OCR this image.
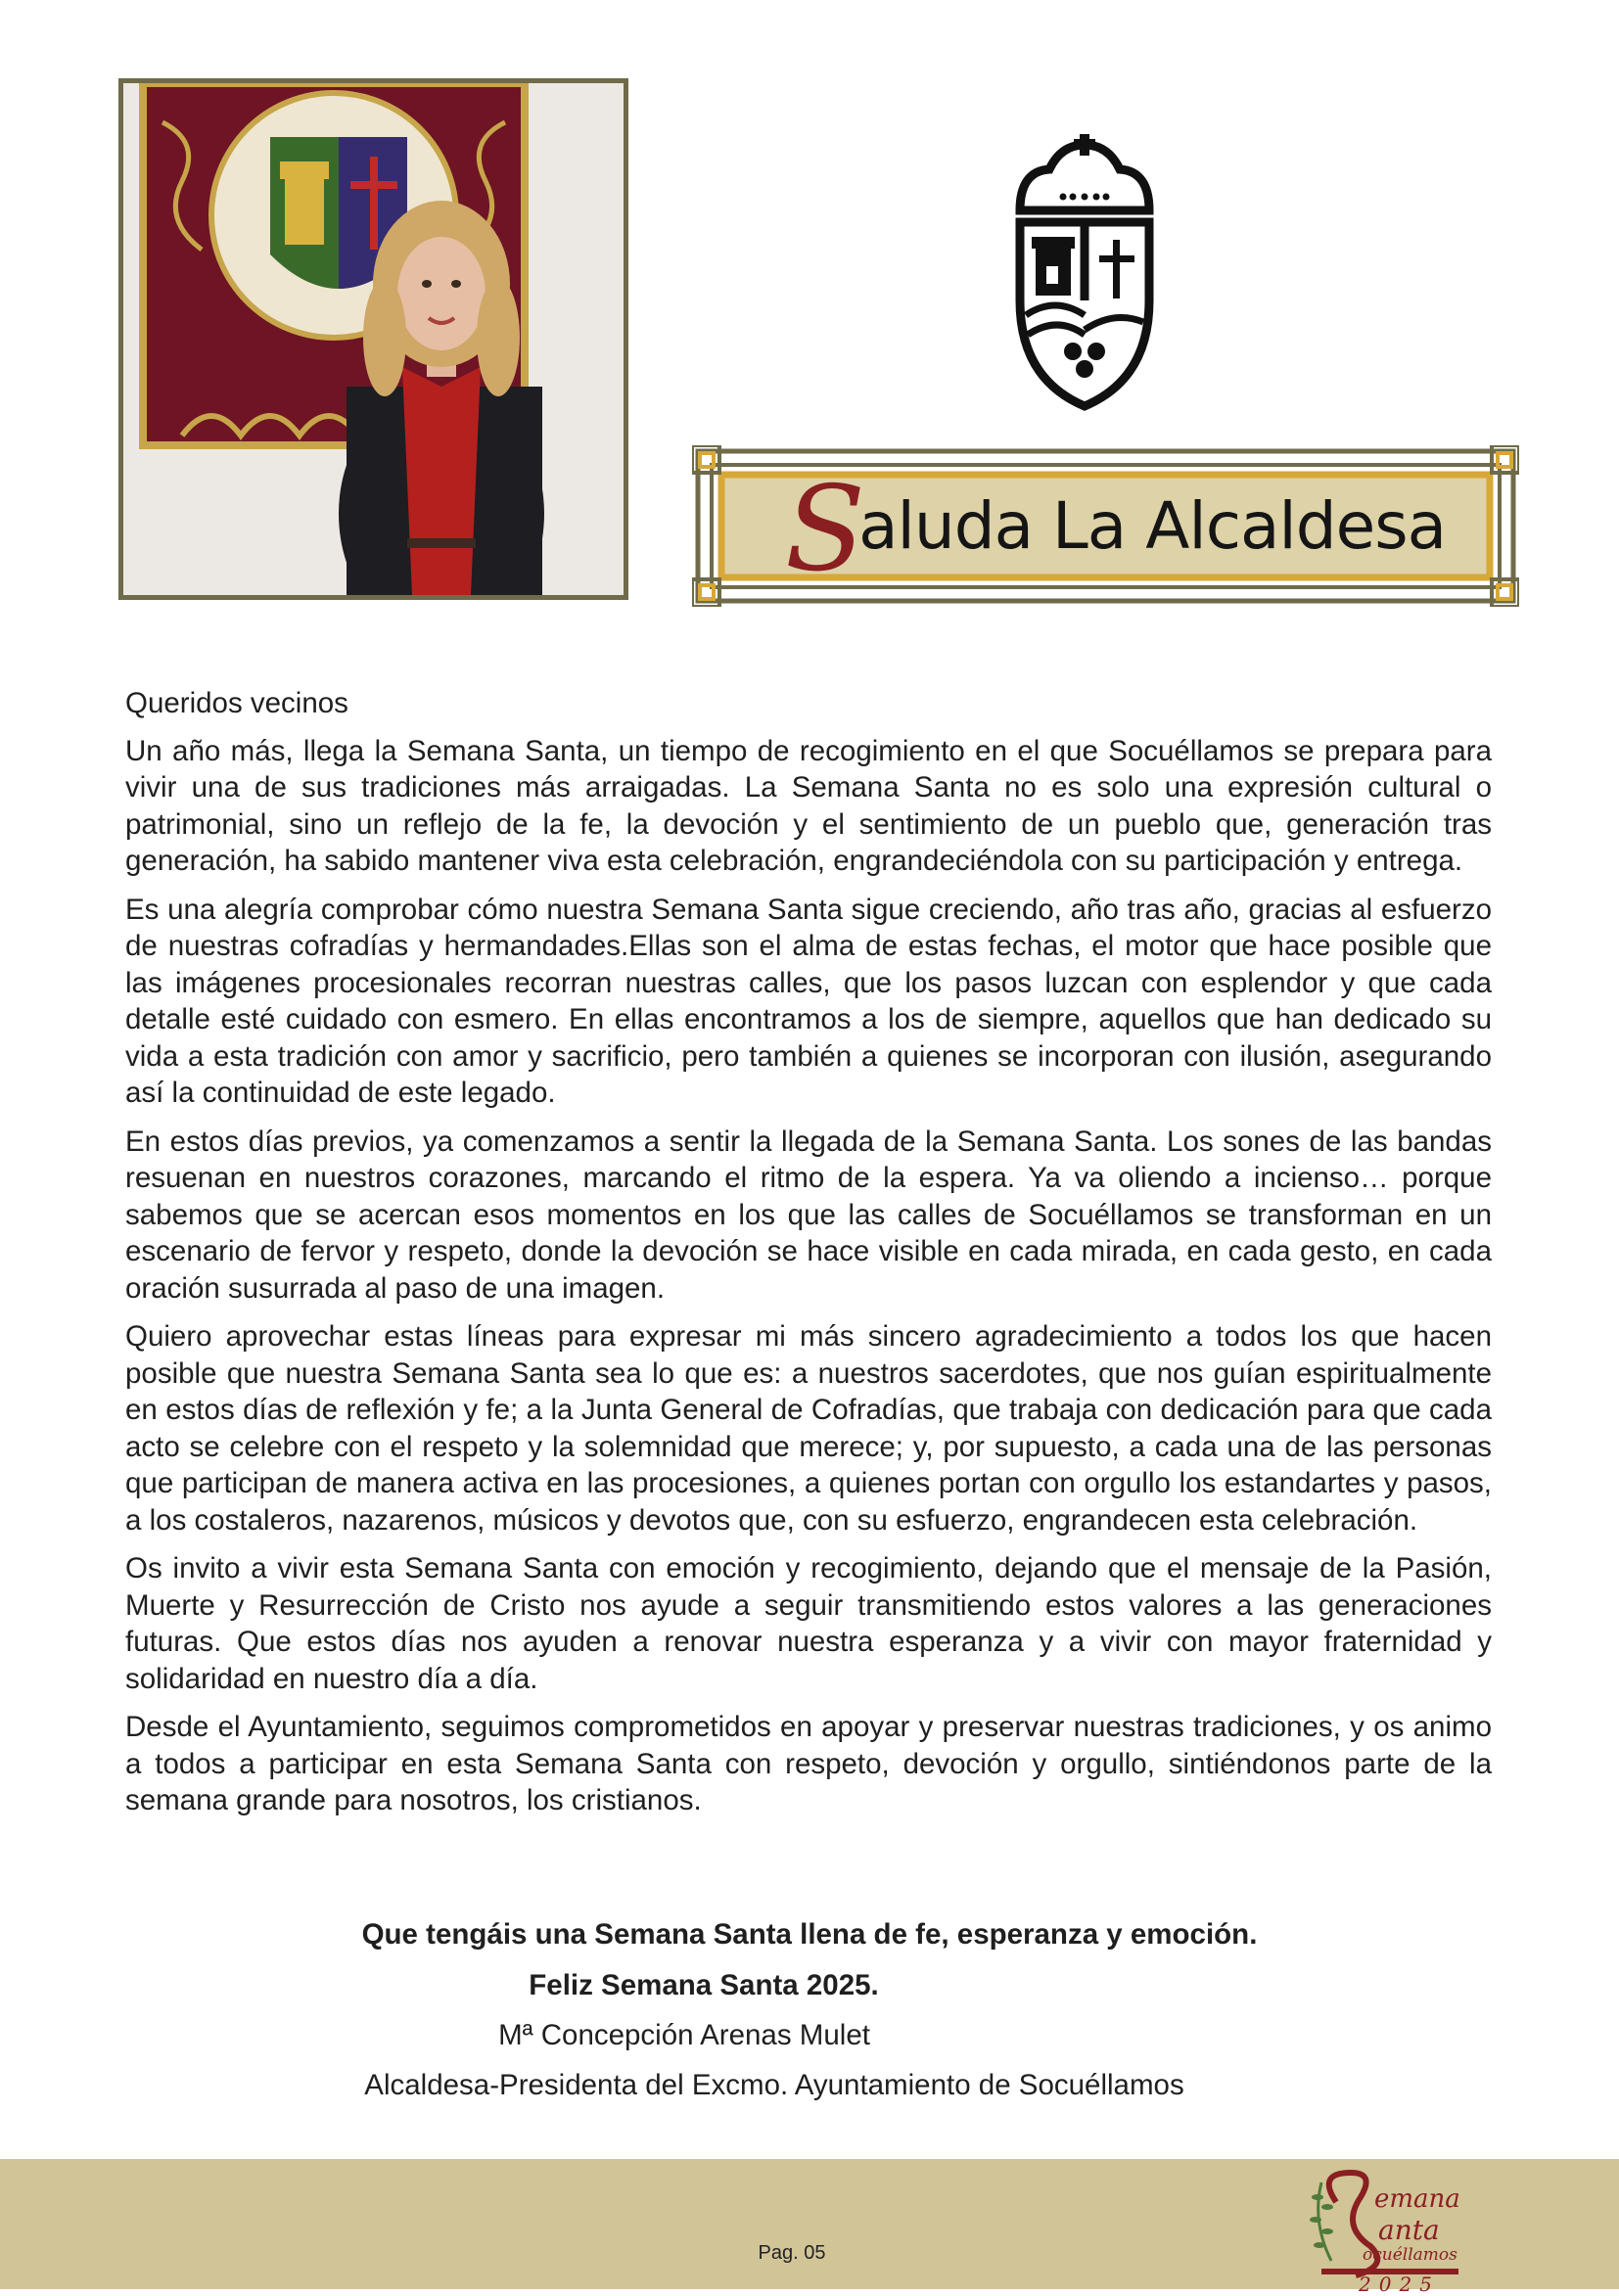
S
aluda La Alcaldesa
Queridos vecinos

Un año más, llega la Semana Santa, un tiempo de recogimiento en el que Socuéllamos se prepara para vivir una de sus tradiciones más arraigadas. La Semana Santa no es solo una expresión cultural o patrimonial, sino un reflejo de la fe, la devoción y el sentimiento de un pueblo que, generación tras generación, ha sabido mantener viva esta celebración, engrandeciéndola con su participación y entrega.

Es una alegría comprobar cómo nuestra Semana Santa sigue creciendo, año tras año, gracias al esfuerzo de nuestras cofradías y hermandades.Ellas son el alma de estas fechas, el motor que hace posible que las imágenes procesionales recorran nuestras calles, que los pasos luzcan con esplendor y que cada detalle esté cuidado con esmero. En ellas encontramos a los de siempre, aquellos que han dedicado su vida a esta tradición con amor y sacrificio, pero también a quienes se incorporan con ilusión, asegurando así la continuidad de este legado.

En estos días previos, ya comenzamos a sentir la llegada de la Semana Santa. Los sones de las bandas resuenan en nuestros corazones, marcando el ritmo de la espera. Ya va oliendo a incienso… porque sabemos que se acercan esos momentos en los que las calles de Socuéllamos se transforman en un escenario de fervor y respeto, donde la devoción se hace visible en cada mirada, en cada gesto, en cada oración susurrada al paso de una imagen.

Quiero aprovechar estas líneas para expresar mi más sincero agradecimiento a todos los que hacen posible que nuestra Semana Santa sea lo que es: a nuestros sacerdotes, que nos guían espiritualmente en estos días de reflexión y fe; a la Junta General de Cofradías, que trabaja con dedicación para que cada acto se celebre con el respeto y la solemnidad que merece; y, por supuesto, a cada una de las personas que participan de manera activa en las procesiones, a quienes portan con orgullo los estandartes y pasos, a los costaleros, nazarenos, músicos y devotos que, con su esfuerzo, engrandecen esta celebración.

Os invito a vivir esta Semana Santa con emoción y recogimiento, dejando que el mensaje de la Pasión, Muerte y Resurrección de Cristo nos ayude a seguir transmitiendo estos valores a las generaciones futuras. Que estos días nos ayuden a renovar nuestra esperanza y a vivir con mayor fraternidad y solidaridad en nuestro día a día.

Desde el Ayuntamiento, seguimos comprometidos en apoyar y preservar nuestras tradiciones, y os animo a todos a participar en esta Semana Santa con respeto, devoción y orgullo, sintiéndonos parte de la semana grande para nosotros, los cristianos.

Que tengáis una Semana Santa llena de fe, esperanza y emoción.
Feliz Semana Santa 2025.
Mª Concepción Arenas Mulet
Alcaldesa-Presidenta del Excmo. Ayuntamiento de Socuéllamos
Pag. 05
emana
anta
ocuéllamos
2025
